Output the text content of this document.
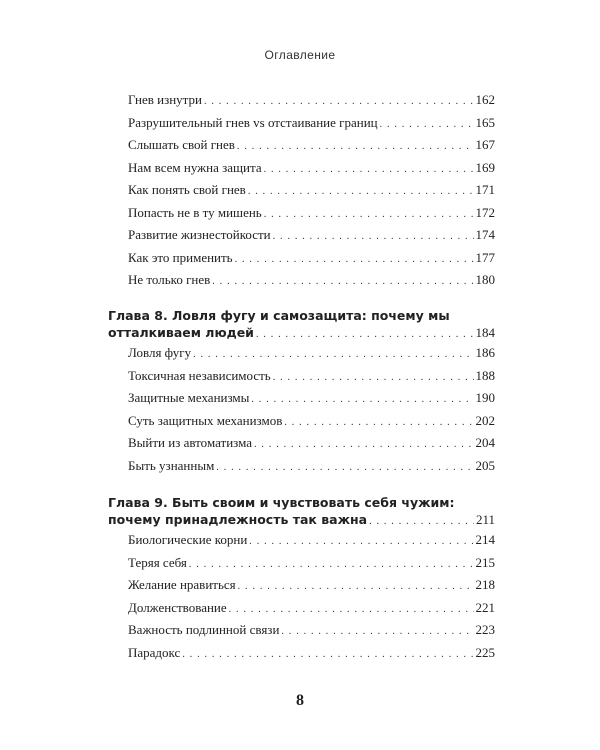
Оглавление
Гнев изнутри . . .	162
Разрушительный гнев vs отстаивание границ . . .	165
Слышать свой гнев . . .	167
Нам всем нужна защита . . .	169
Как понять свой гнев . . .	171
Попасть не в ту мишень . . .	172
Развитие жизнестойкости . . .	174
Как это применить . . .	177
Не только гнев . . .	180
Глава 8. Ловля фугу и самозащита: почему мы
отталкиваем людей . . .	184
Ловля фугу . . .	186
Токсичная независимость . . .	188
Защитные механизмы . . .	190
Суть защитных механизмов . . .	202
Выйти из автоматизма . . .	204
Быть узнанным . . .	205
Глава 9. Быть своим и чувствовать себя чужим:
почему принадлежность так важна . . .	211
Биологические корни . . .	214
Теряя себя . . .	215
Желание нравиться . . .	218
Долженствование . . .	221
Важность подлинной связи . . .	223
Парадокс . . .	225
8
